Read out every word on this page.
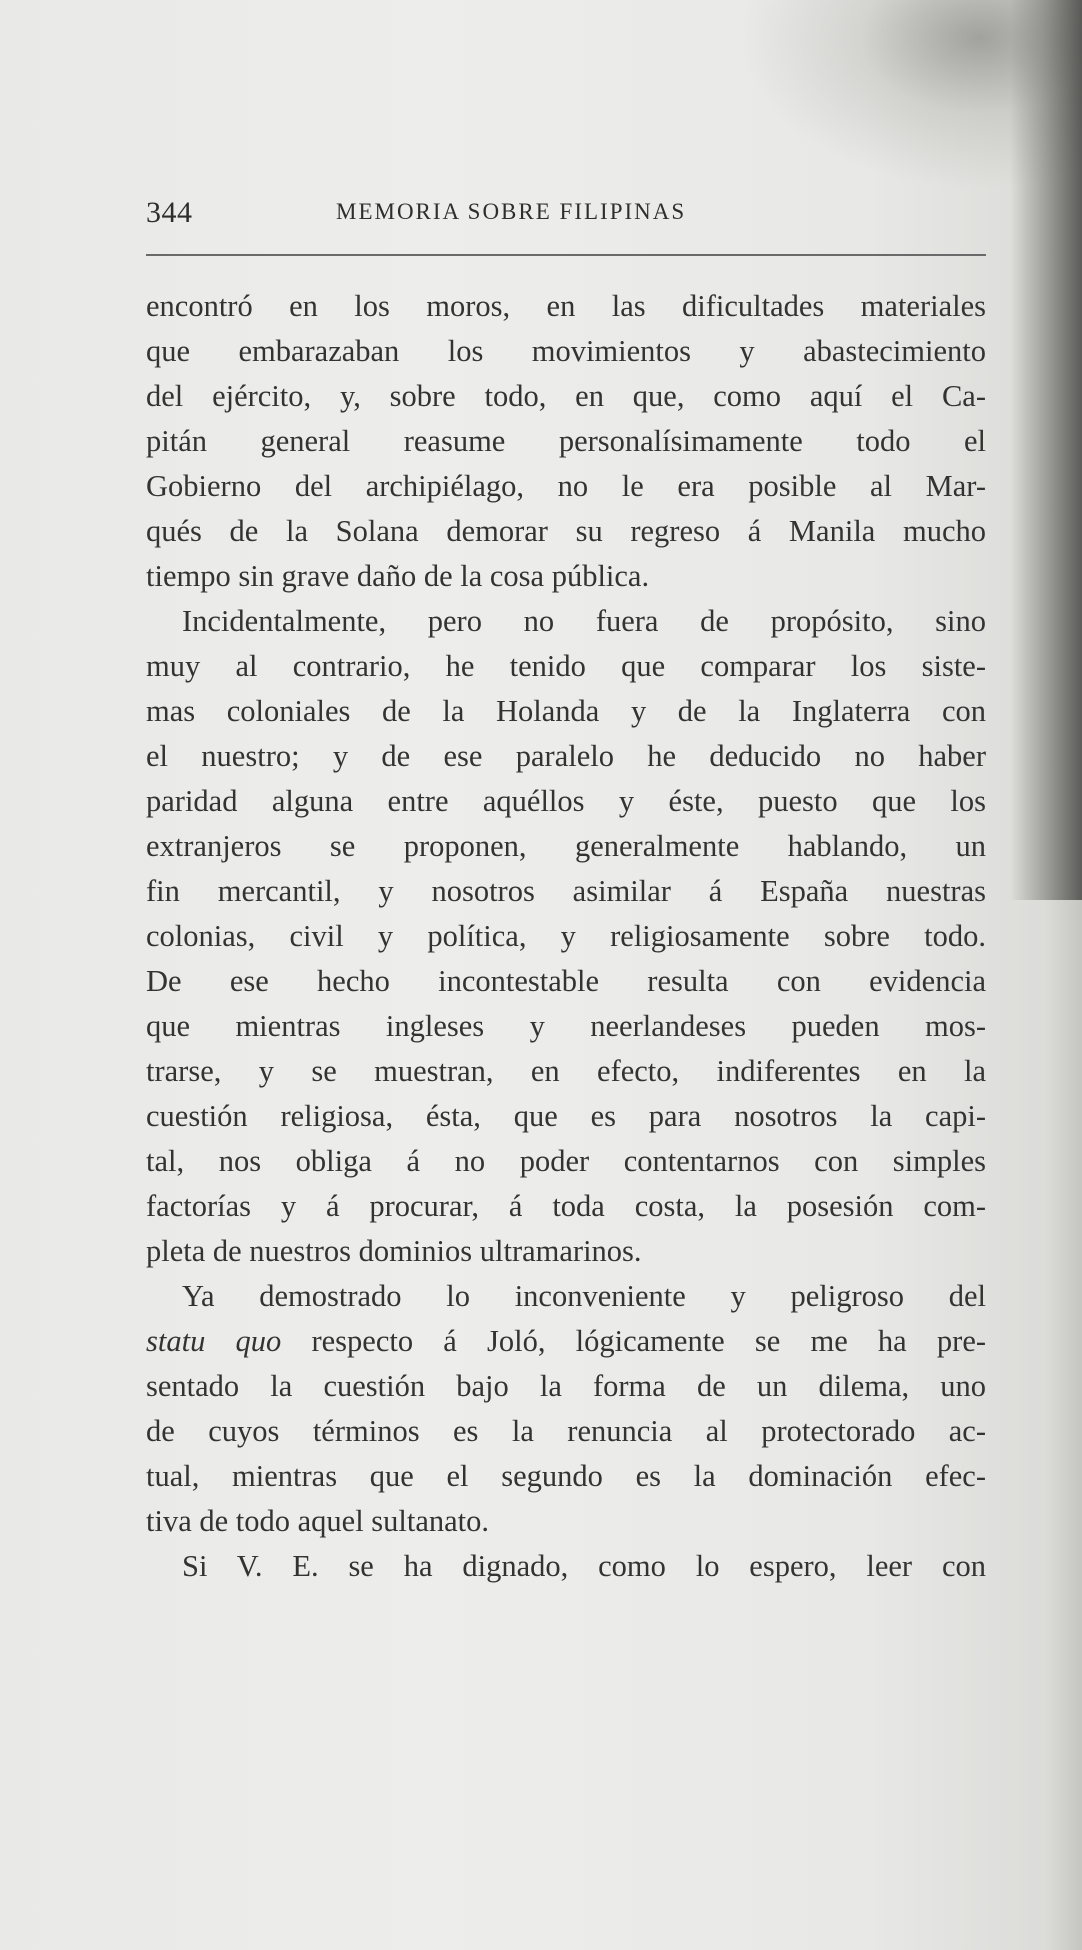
344	MEMORIA SOBRE FILIPINAS
encontró en los moros, en las dificultades materiales
que embarazaban los movimientos y abastecimiento
del ejército, y, sobre todo, en que, como aquí el Ca-
pitán general reasume personalísimamente todo el
Gobierno del archipiélago, no le era posible al Mar-
qués de la Solana demorar su regreso á Manila mucho
tiempo sin grave daño de la cosa pública.
Incidentalmente, pero no fuera de propósito, sino
muy al contrario, he tenido que comparar los siste-
mas coloniales de la Holanda y de la Inglaterra con
el nuestro; y de ese paralelo he deducido no haber
paridad alguna entre aquéllos y éste, puesto que los
extranjeros se proponen, generalmente hablando, un
fin mercantil, y nosotros asimilar á España nuestras
colonias, civil y política, y religiosamente sobre todo.
De ese hecho incontestable resulta con evidencia
que mientras ingleses y neerlandeses pueden mos-
trarse, y se muestran, en efecto, indiferentes en la
cuestión religiosa, ésta, que es para nosotros la capi-
tal, nos obliga á no poder contentarnos con simples
factorías y á procurar, á toda costa, la posesión com-
pleta de nuestros dominios ultramarinos.
Ya demostrado lo inconveniente y peligroso del
statu quo respecto á Joló, lógicamente se me ha pre-
sentado la cuestión bajo la forma de un dilema, uno
de cuyos términos es la renuncia al protectorado ac-
tual, mientras que el segundo es la dominación efec-
tiva de todo aquel sultanato.
Si V. E. se ha dignado, como lo espero, leer con
